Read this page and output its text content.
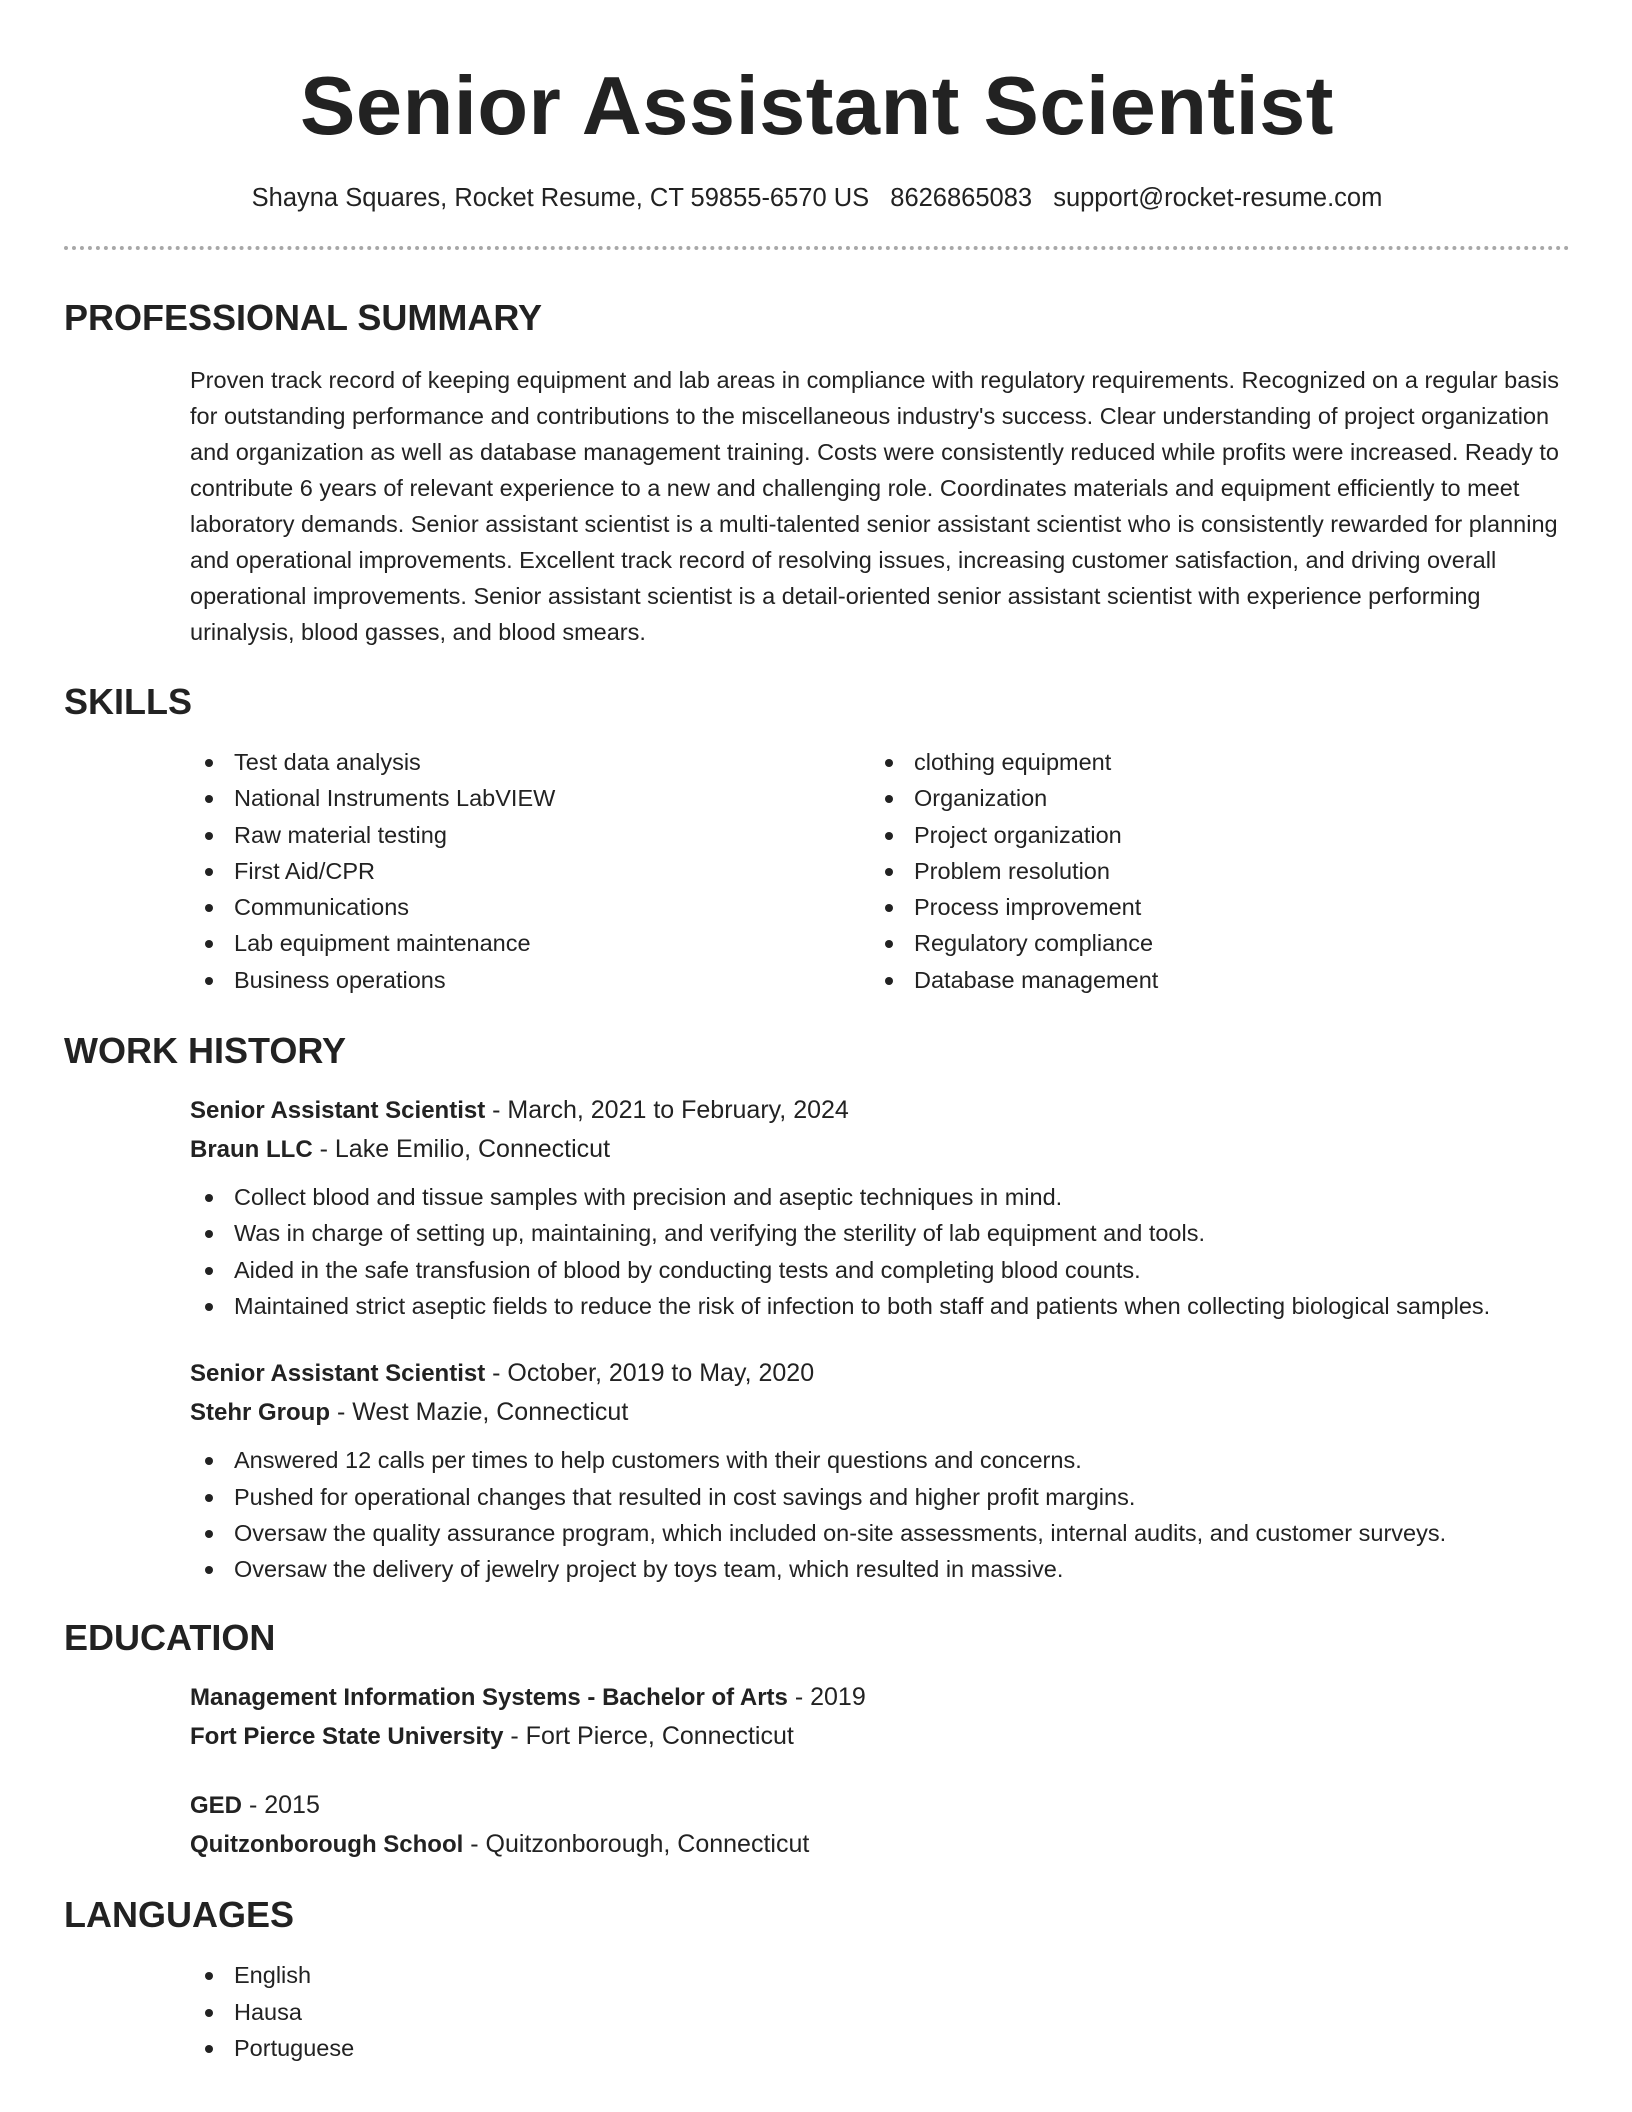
Senior Assistant Scientist
Shayna Squares, Rocket Resume, CT 59855-6570 US 8626865083 support@rocket-resume.com
PROFESSIONAL SUMMARY

Proven track record of keeping equipment and lab areas in compliance with regulatory requirements. Recognized on a regular basis for outstanding performance and contributions to the miscellaneous industry's success. Clear understanding of project organization and organization as well as database management training. Costs were consistently reduced while profits were increased. Ready to contribute 6 years of relevant experience to a new and challenging role. Coordinates materials and equipment efficiently to meet laboratory demands. Senior assistant scientist is a multi-talented senior assistant scientist who is consistently rewarded for planning and operational improvements. Excellent track record of resolving issues, increasing customer satisfaction, and driving overall operational improvements. Senior assistant scientist is a detail-oriented senior assistant scientist with experience performing urinalysis, blood gasses, and blood smears.

SKILLS
Test data analysis
National Instruments LabVIEW
Raw material testing
First Aid/CPR
Communications
Lab equipment maintenance
Business operations
clothing equipment
Organization
Project organization
Problem resolution
Process improvement
Regulatory compliance
Database management
WORK HISTORY
Senior Assistant Scientist - March, 2021 to February, 2024
Braun LLC - Lake Emilio, Connecticut
Collect blood and tissue samples with precision and aseptic techniques in mind.
Was in charge of setting up, maintaining, and verifying the sterility of lab equipment and tools.
Aided in the safe transfusion of blood by conducting tests and completing blood counts.
Maintained strict aseptic fields to reduce the risk of infection to both staff and patients when collecting biological samples.
Senior Assistant Scientist - October, 2019 to May, 2020
Stehr Group - West Mazie, Connecticut
Answered 12 calls per times to help customers with their questions and concerns.
Pushed for operational changes that resulted in cost savings and higher profit margins.
Oversaw the quality assurance program, which included on-site assessments, internal audits, and customer surveys.
Oversaw the delivery of jewelry project by toys team, which resulted in massive.
EDUCATION
Management Information Systems - Bachelor of Arts - 2019
Fort Pierce State University - Fort Pierce, Connecticut
GED - 2015
Quitzonborough School - Quitzonborough, Connecticut
LANGUAGES
English
Hausa
Portuguese
